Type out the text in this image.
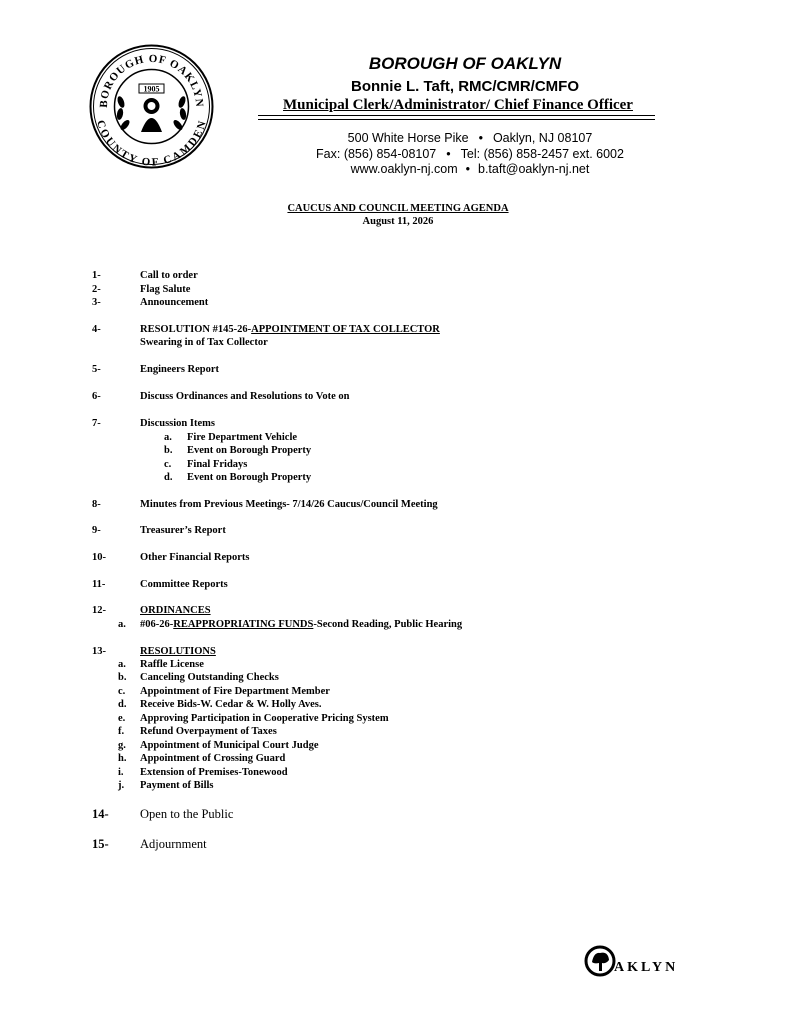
BOROUGH OF OAKLYN
COUNTY OF CAMDEN
1905
BOROUGH OF OAKLYN
Bonnie L. Taft, RMC/CMR/CMFO
Municipal Clerk/Administrator/ Chief Finance Officer
500 White Horse Pike • Oaklyn, NJ 08107
Fax: (856) 854-08107 • Tel: (856) 858-2457 ext. 6002
www.oaklyn-nj.com • b.taft@oaklyn-nj.net
CAUCUS AND COUNCIL MEETING AGENDA
August 11, 2026
1-	Call to order
2-	Flag Salute
3-	Announcement
4-	RESOLUTION #145-26-APPOINTMENT OF TAX COLLECTOR
Swearing in of Tax Collector
5-	Engineers Report
6-	Discuss Ordinances and Resolutions to Vote on
7-	Discussion Items
a. Fire Department Vehicle
b. Event on Borough Property
c. Final Fridays
d. Event on Borough Property
8-	Minutes from Previous Meetings- 7/14/26 Caucus/Council Meeting
9-	Treasurer’s Report
10-	Other Financial Reports
11-	Committee Reports
12-	ORDINANCES
a. #06-26-REAPPROPRIATING FUNDS-Second Reading, Public Hearing
13-	RESOLUTIONS
a. Raffle License
b. Canceling Outstanding Checks
c. Appointment of Fire Department Member
d. Receive Bids-W. Cedar & W. Holly Aves.
e. Approving Participation in Cooperative Pricing System
f. Refund Overpayment of Taxes
g. Appointment of Municipal Court Judge
h. Appointment of Crossing Guard
i. Extension of Premises-Tonewood
j. Payment of Bills
14-	Open to the Public
15-	Adjournment
AKLYN
